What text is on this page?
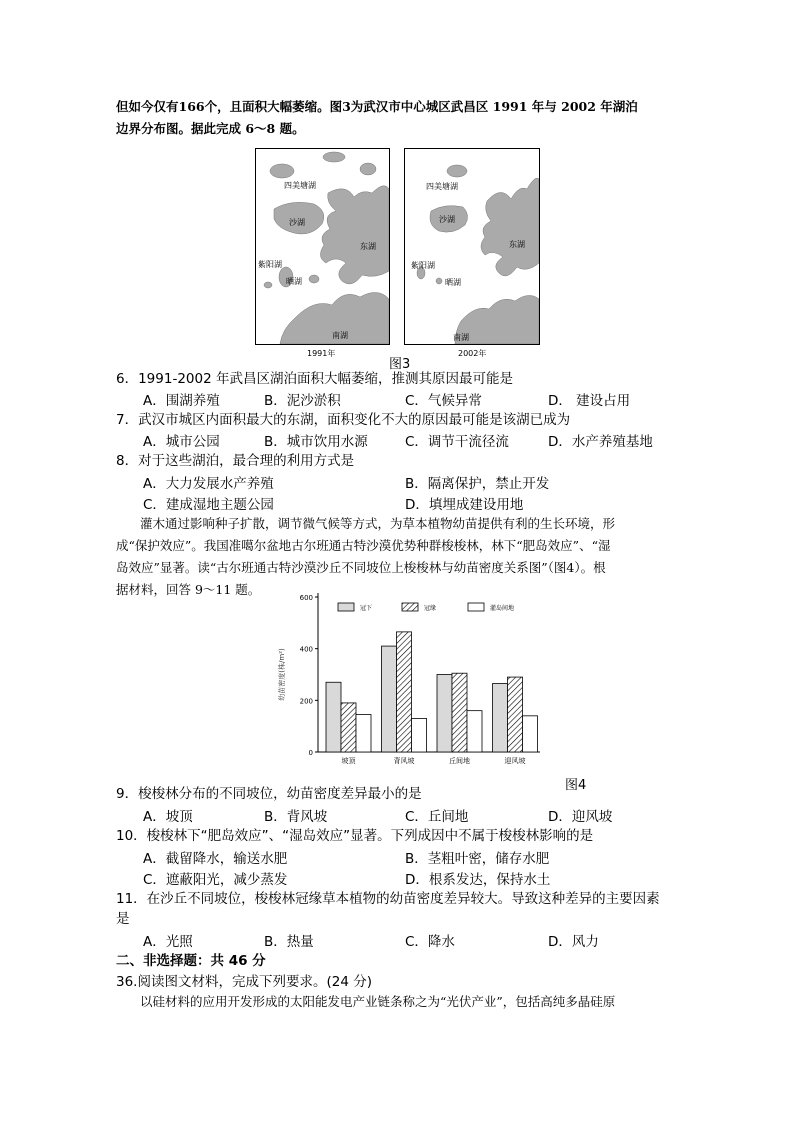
但如今仅有166个，且面积大幅萎缩。图3为武汉市中心城区武昌区 1991 年与 2002 年湖泊
边界分布图。据此完成 6～8 题。
四美塘湖
沙湖
东湖
紫阳湖
晒湖
南湖
1991年
四美塘湖
沙湖
东湖
紫阳湖
晒湖
南湖
2002年
图3
6．1991-2002 年武昌区湖泊面积大幅萎缩，推测其原因最可能是
A．围湖养殖	B．泥沙淤积	C．气候异常	D． 建设占用
7．武汉市城区内面积最大的东湖，面积变化不大的原因最可能是该湖已成为
A．城市公园	B．城市饮用水源	C．调节干流径流	D．水产养殖基地
8．对于这些湖泊，最合理的利用方式是
A．大力发展水产养殖	B．隔离保护，禁止开发
C．建成湿地主题公园	D．填埋成建设用地
灌木通过影响种子扩散，调节微气候等方式，为草本植物幼苗提供有利的生长环境，形
成“保护效应”。我国准噶尔盆地古尔班通古特沙漠优势种群梭梭林，林下“肥岛效应”、“湿
岛效应”显著。读“古尔班通古特沙漠沙丘不同坡位上梭梭林与幼苗密度关系图”（图4）。根
据材料，回答 9～11 题。
0
200
400
600
幼苗密度(株/m²)
坡顶	背风坡	丘间地	迎风坡
冠下	冠缘	灌岛间地
图4
9．梭梭林分布的不同坡位，幼苗密度差异最小的是
A．坡顶	B．背风坡	C．丘间地	D．迎风坡
10．梭梭林下“肥岛效应”、“湿岛效应”显著。下列成因中不属于梭梭林影响的是
A．截留降水，输送水肥	B．茎粗叶密，储存水肥
C．遮蔽阳光，减少蒸发	D．根系发达，保持水土
11．在沙丘不同坡位，梭梭林冠缘草本植物的幼苗密度差异较大。导致这种差异的主要因素
是
A．光照	B．热量	C．降水	D．风力
二、非选择题：共 46 分
36.阅读图文材料，完成下列要求。(24 分)
以硅材料的应用开发形成的太阳能发电产业链条称之为“光伏产业”，包括高纯多晶硅原
